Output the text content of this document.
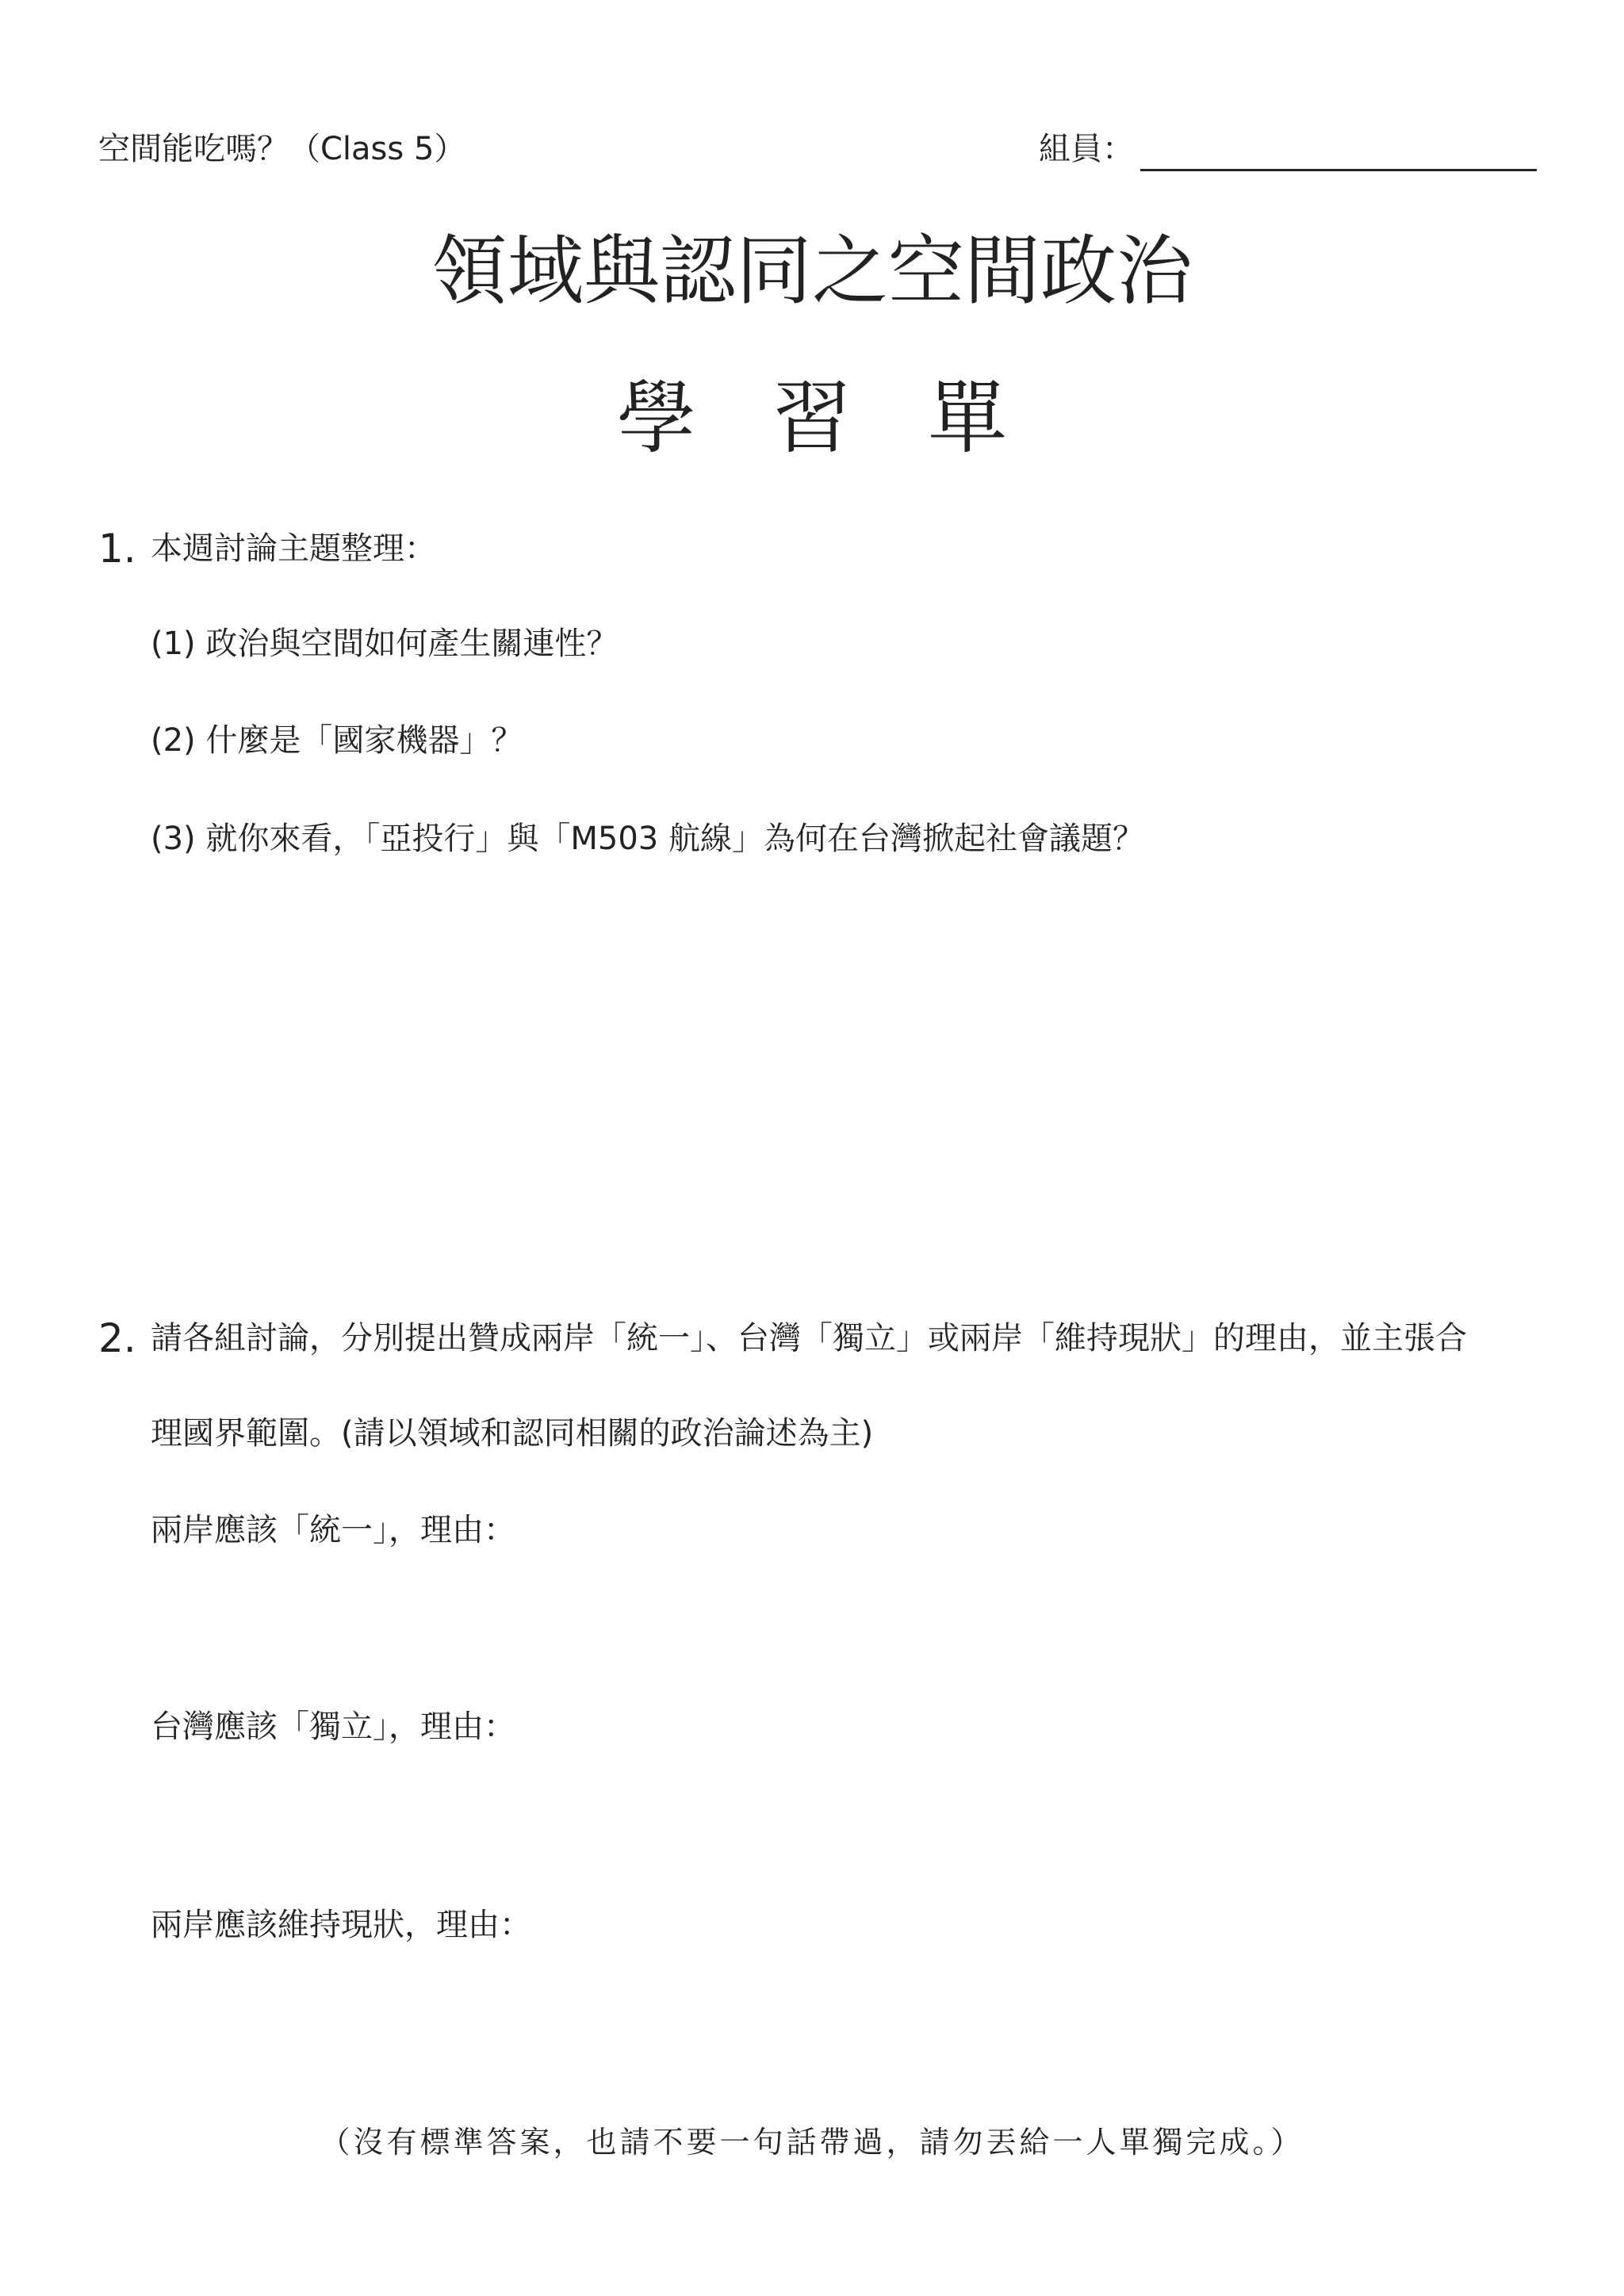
空間能吃嗎？（Class 5）	組員：
領域與認同之空間政治
學習單
1. 本週討論主題整理：
(1) 政治與空間如何產生關連性？
(2) 什麼是「國家機器」？
(3) 就你來看，「亞投行」與「M503 航線」為何在台灣掀起社會議題？
2. 請各組討論，分別提出贊成兩岸「統一」、台灣「獨立」或兩岸「維持現狀」的理由，並主張合
理國界範圍。(請以領域和認同相關的政治論述為主)
兩岸應該「統一」，理由：
台灣應該「獨立」，理由：
兩岸應該維持現狀，理由：
（沒有標準答案，也請不要一句話帶過，請勿丟給一人單獨完成。）
